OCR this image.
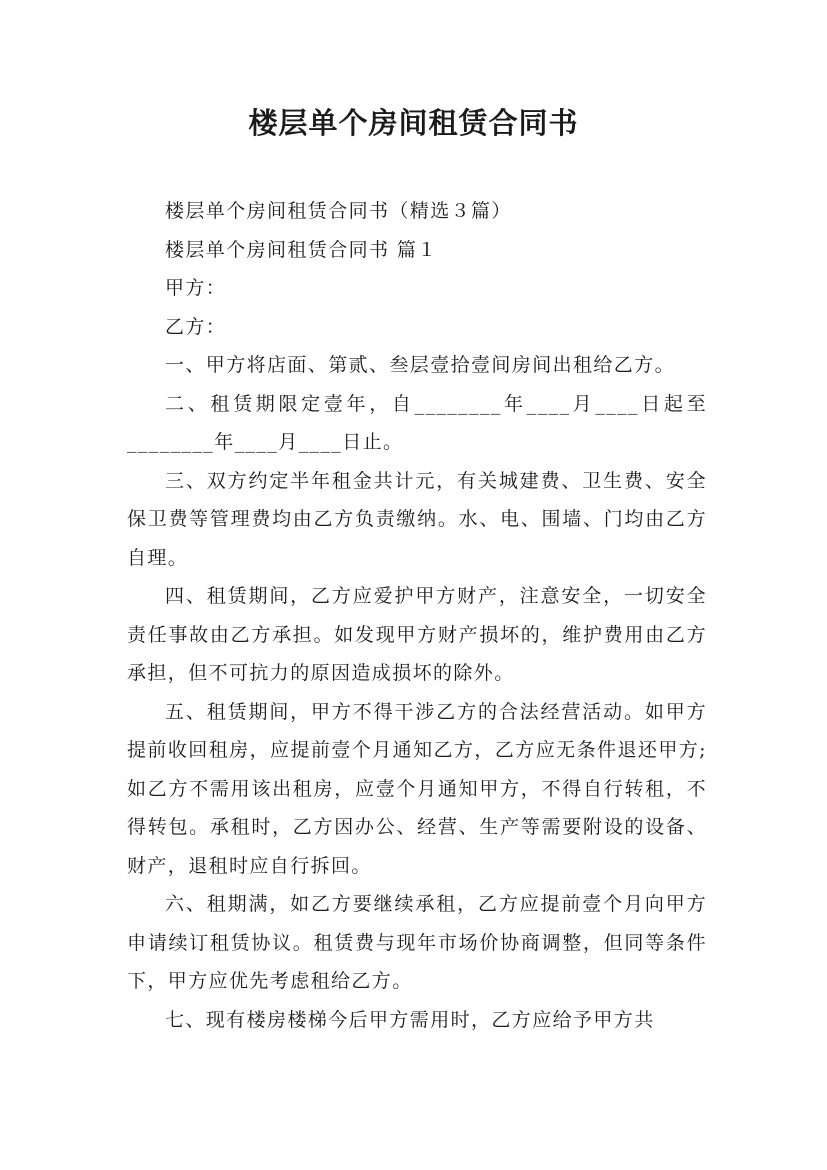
楼层单个房间租赁合同书

楼层单个房间租赁合同书（精选３篇）

楼层单个房间租赁合同书 篇１

甲方：

乙方：

一、甲方将店面、第贰、叁层壹拾壹间房间出租给乙方。

二、租赁期限定壹年，自________年____月____日起至________年____月____日止。

三、双方约定半年租金共计元，有关城建费、卫生费、安全保卫费等管理费均由乙方负责缴纳。水、电、围墙、门均由乙方自理。

四、租赁期间，乙方应爱护甲方财产，注意安全，一切安全责任事故由乙方承担。如发现甲方财产损坏的，维护费用由乙方承担，但不可抗力的原因造成损坏的除外。

五、租赁期间，甲方不得干涉乙方的合法经营活动。如甲方提前收回租房，应提前壹个月通知乙方，乙方应无条件退还甲方;如乙方不需用该出租房，应壹个月通知甲方，不得自行转租，不得转包。承租时，乙方因办公、经营、生产等需要附设的设备、财产，退租时应自行拆回。

六、租期满，如乙方要继续承租，乙方应提前壹个月向甲方申请续订租赁协议。租赁费与现年市场价协商调整，但同等条件下，甲方应优先考虑租给乙方。

七、现有楼房楼梯今后甲方需用时，乙方应给予甲方共
